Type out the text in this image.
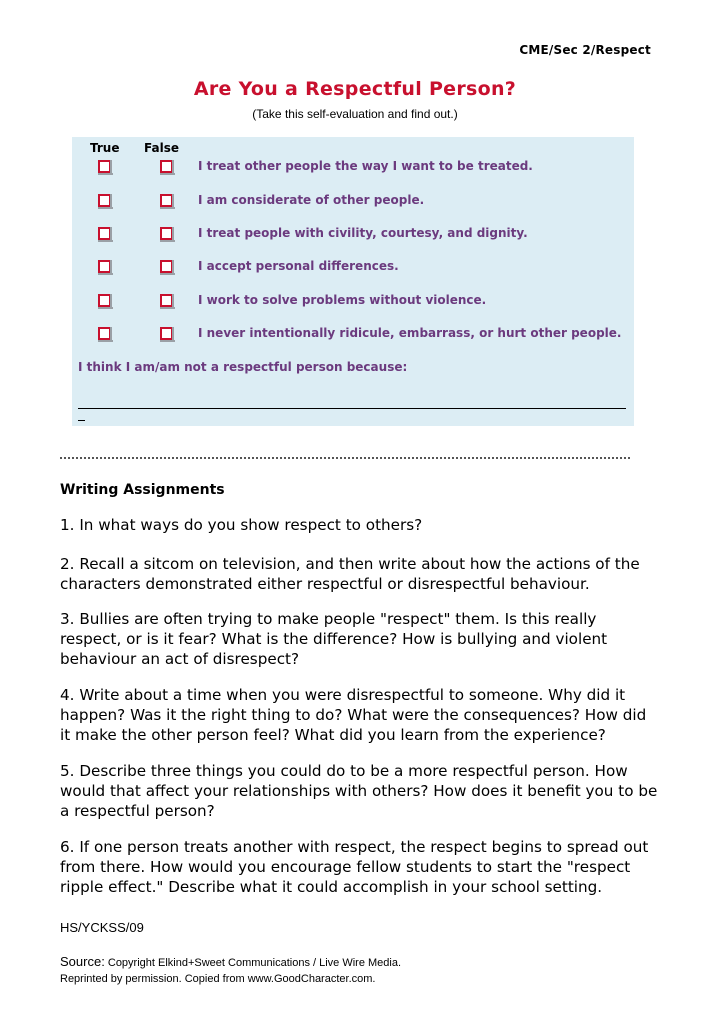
CME/Sec 2/Respect
Are You a Respectful Person?
(Take this self-evaluation and find out.)
True False
I treat other people the way I want to be treated.
I am considerate of other people.
I treat people with civility, courtesy, and dignity.
I accept personal differences.
I work to solve problems without violence.
I never intentionally ridicule, embarrass, or hurt other people.
I think I am/am not a respectful person because:
Writing Assignments
1. In what ways do you show respect to others?
2. Recall a sitcom on television, and then write about how the actions of the characters demonstrated either respectful or disrespectful behaviour.
3. Bullies are often trying to make people "respect" them. Is this really respect, or is it fear? What is the difference? How is bullying and violent behaviour an act of disrespect?
4. Write about a time when you were disrespectful to someone. Why did it happen? Was it the right thing to do? What were the consequences? How did it make the other person feel? What did you learn from the experience?
5. Describe three things you could do to be a more respectful person. How would that affect your relationships with others? How does it benefit you to be a respectful person?
6. If one person treats another with respect, the respect begins to spread out from there. How would you encourage fellow students to start the "respect ripple effect." Describe what it could accomplish in your school setting.
HS/YCKSS/09
Source: Copyright Elkind+Sweet Communications / Live Wire Media.
Reprinted by permission. Copied from www.GoodCharacter.com.
